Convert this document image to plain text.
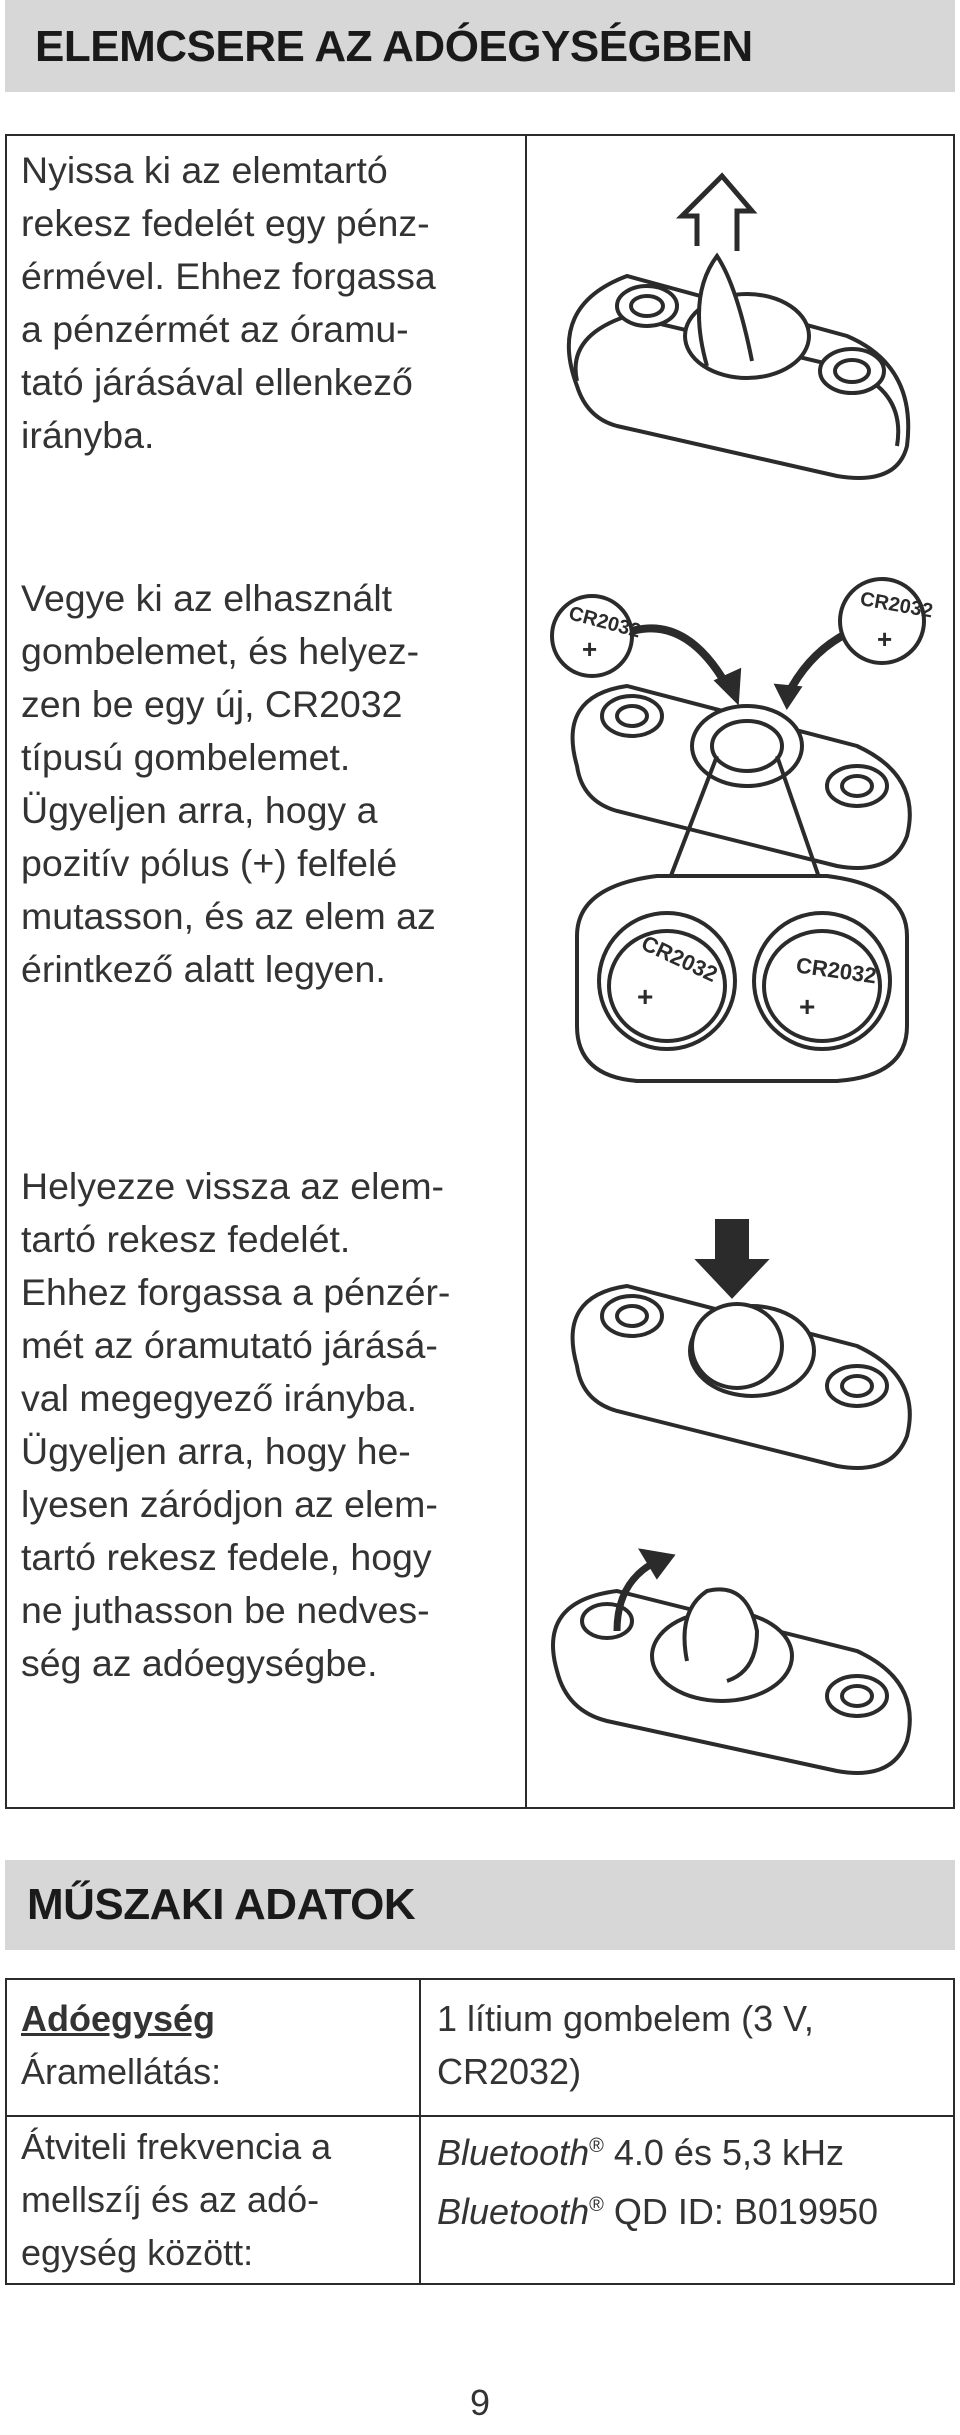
ELEMCSERE AZ ADÓEGYSÉGBEN

Nyissa ki az elemtartó
rekesz fedelét egy pénz-
érmével. Ehhez forgassa
a pénzérmét az óramu-
tató járásával ellenkező
irányba.

Vegye ki az elhasznált
gombelemet, és helyez-
zen be egy új, CR2032
típusú gombelemet.
Ügyeljen arra, hogy a
pozitív pólus (+) felfelé
mutasson, és az elem az
érintkező alatt legyen.

CR2032
+
CR2032
+
CR2032
+
CR2032
+

Helyezze vissza az elem-
tartó rekesz fedelét.
Ehhez forgassa a pénzér-
mét az óramutató járásá-
val megegyező irányba.
Ügyeljen arra, hogy he-
lyesen záródjon az elem-
tartó rekesz fedele, hogy
ne juthasson be nedves-
ség az adóegységbe.

MŰSZAKI ADATOK
Adóegység
Áramellátás:
1 lítium gombelem (3 V,
CR2032)
Átviteli frekvencia a
mellszíj és az adó-
egység között:
Bluetooth® 4.0 és 5,3 kHz
Bluetooth® QD ID: B019950
9
